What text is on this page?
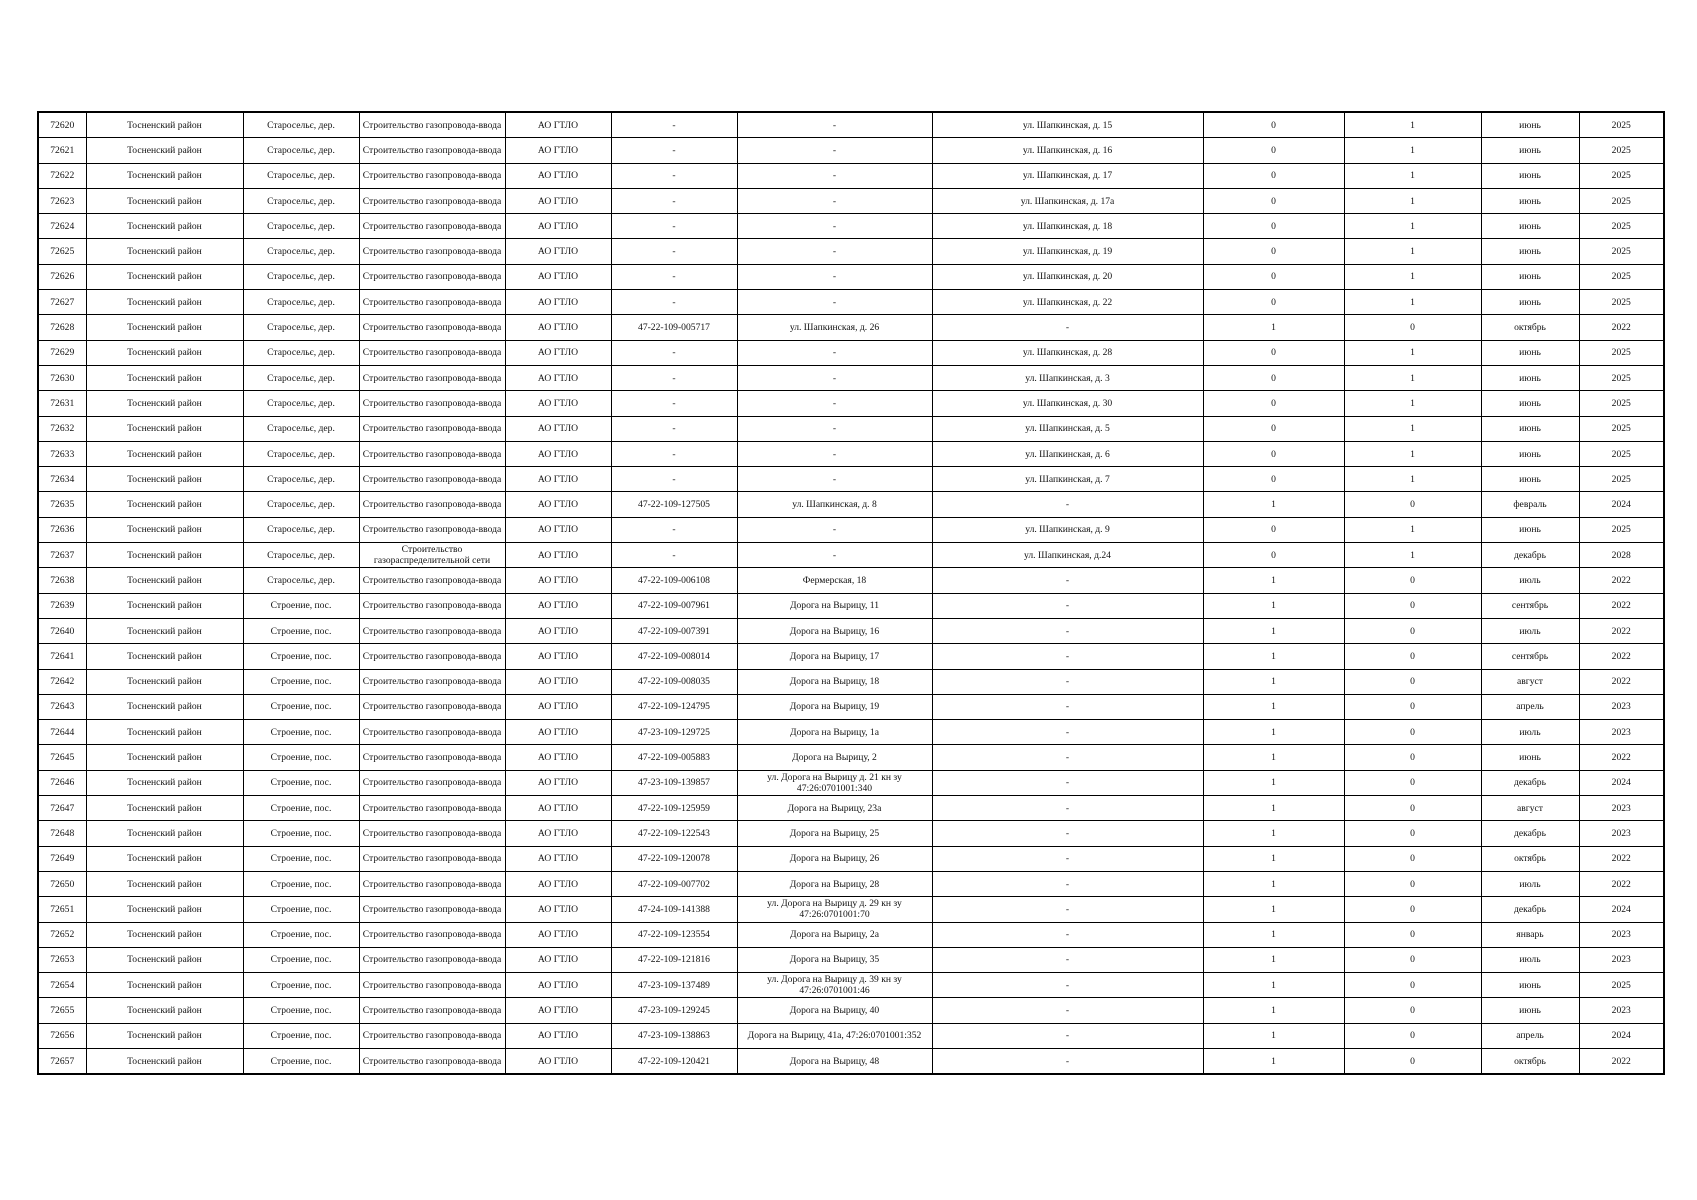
72620	Тосненский район	Старосельє, дер.	Строительство газопровода-ввода	АО ГТЛО	-	-	ул. Шапкинская, д. 15	0	1	июнь	2025
72621	Тосненский район	Старосельє, дер.	Строительство газопровода-ввода	АО ГТЛО	-	-	ул. Шапкинская, д. 16	0	1	июнь	2025
72622	Тосненский район	Старосельє, дер.	Строительство газопровода-ввода	АО ГТЛО	-	-	ул. Шапкинская, д. 17	0	1	июнь	2025
72623	Тосненский район	Старосельє, дер.	Строительство газопровода-ввода	АО ГТЛО	-	-	ул. Шапкинская, д. 17а	0	1	июнь	2025
72624	Тосненский район	Старосельє, дер.	Строительство газопровода-ввода	АО ГТЛО	-	-	ул. Шапкинская, д. 18	0	1	июнь	2025
72625	Тосненский район	Старосельє, дер.	Строительство газопровода-ввода	АО ГТЛО	-	-	ул. Шапкинская, д. 19	0	1	июнь	2025
72626	Тосненский район	Старосельє, дер.	Строительство газопровода-ввода	АО ГТЛО	-	-	ул. Шапкинская, д. 20	0	1	июнь	2025
72627	Тосненский район	Старосельє, дер.	Строительство газопровода-ввода	АО ГТЛО	-	-	ул. Шапкинская, д. 22	0	1	июнь	2025
72628	Тосненский район	Старосельє, дер.	Строительство газопровода-ввода	АО ГТЛО	47-22-109-005717	ул. Шапкинская, д. 26	-	1	0	октябрь	2022
72629	Тосненский район	Старосельє, дер.	Строительство газопровода-ввода	АО ГТЛО	-	-	ул. Шапкинская, д. 28	0	1	июнь	2025
72630	Тосненский район	Старосельє, дер.	Строительство газопровода-ввода	АО ГТЛО	-	-	ул. Шапкинская, д. 3	0	1	июнь	2025
72631	Тосненский район	Старосельє, дер.	Строительство газопровода-ввода	АО ГТЛО	-	-	ул. Шапкинская, д. 30	0	1	июнь	2025
72632	Тосненский район	Старосельє, дер.	Строительство газопровода-ввода	АО ГТЛО	-	-	ул. Шапкинская, д. 5	0	1	июнь	2025
72633	Тосненский район	Старосельє, дер.	Строительство газопровода-ввода	АО ГТЛО	-	-	ул. Шапкинская, д. 6	0	1	июнь	2025
72634	Тосненский район	Старосельє, дер.	Строительство газопровода-ввода	АО ГТЛО	-	-	ул. Шапкинская, д. 7	0	1	июнь	2025
72635	Тосненский район	Старосельє, дер.	Строительство газопровода-ввода	АО ГТЛО	47-22-109-127505	ул. Шапкинская, д. 8	-	1	0	февраль	2024
72636	Тосненский район	Старосельє, дер.	Строительство газопровода-ввода	АО ГТЛО	-	-	ул. Шапкинская, д. 9	0	1	июнь	2025
72637	Тосненский район	Старосельє, дер.	Строительство газораспределительной сети	АО ГТЛО	-	-	ул. Шапкинская, д.24	0	1	декабрь	2028
72638	Тосненский район	Старосельє, дер.	Строительство газопровода-ввода	АО ГТЛО	47-22-109-006108	Фермерская, 18	-	1	0	июль	2022
72639	Тосненский район	Строение, пос.	Строительство газопровода-ввода	АО ГТЛО	47-22-109-007961	Дорога на Вырицу, 11	-	1	0	сентябрь	2022
72640	Тосненский район	Строение, пос.	Строительство газопровода-ввода	АО ГТЛО	47-22-109-007391	Дорога на Вырицу, 16	-	1	0	июль	2022
72641	Тосненский район	Строение, пос.	Строительство газопровода-ввода	АО ГТЛО	47-22-109-008014	Дорога на Вырицу, 17	-	1	0	сентябрь	2022
72642	Тосненский район	Строение, пос.	Строительство газопровода-ввода	АО ГТЛО	47-22-109-008035	Дорога на Вырицу, 18	-	1	0	август	2022
72643	Тосненский район	Строение, пос.	Строительство газопровода-ввода	АО ГТЛО	47-22-109-124795	Дорога на Вырицу, 19	-	1	0	апрель	2023
72644	Тосненский район	Строение, пос.	Строительство газопровода-ввода	АО ГТЛО	47-23-109-129725	Дорога на Вырицу, 1а	-	1	0	июль	2023
72645	Тосненский район	Строение, пос.	Строительство газопровода-ввода	АО ГТЛО	47-22-109-005883	Дорога на Вырицу, 2	-	1	0	июнь	2022
72646	Тосненский район	Строение, пос.	Строительство газопровода-ввода	АО ГТЛО	47-23-109-139857	ул. Дорога на Вырицу д. 21 кн зу 47:26:0701001:340	-	1	0	декабрь	2024
72647	Тосненский район	Строение, пос.	Строительство газопровода-ввода	АО ГТЛО	47-22-109-125959	Дорога на Вырицу, 23а	-	1	0	август	2023
72648	Тосненский район	Строение, пос.	Строительство газопровода-ввода	АО ГТЛО	47-22-109-122543	Дорога на Вырицу, 25	-	1	0	декабрь	2023
72649	Тосненский район	Строение, пос.	Строительство газопровода-ввода	АО ГТЛО	47-22-109-120078	Дорога на Вырицу, 26	-	1	0	октябрь	2022
72650	Тосненский район	Строение, пос.	Строительство газопровода-ввода	АО ГТЛО	47-22-109-007702	Дорога на Вырицу, 28	-	1	0	июль	2022
72651	Тосненский район	Строение, пос.	Строительство газопровода-ввода	АО ГТЛО	47-24-109-141388	ул. Дорога на Вырицу д. 29 кн зу 47:26:0701001:70	-	1	0	декабрь	2024
72652	Тосненский район	Строение, пос.	Строительство газопровода-ввода	АО ГТЛО	47-22-109-123554	Дорога на Вырицу, 2а	-	1	0	январь	2023
72653	Тосненский район	Строение, пос.	Строительство газопровода-ввода	АО ГТЛО	47-22-109-121816	Дорога на Вырицу, 35	-	1	0	июль	2023
72654	Тосненский район	Строение, пос.	Строительство газопровода-ввода	АО ГТЛО	47-23-109-137489	ул. Дорога на Вырицу д. 39 кн зу 47:26:0701001:46	-	1	0	июнь	2025
72655	Тосненский район	Строение, пос.	Строительство газопровода-ввода	АО ГТЛО	47-23-109-129245	Дорога на Вырицу, 40	-	1	0	июнь	2023
72656	Тосненский район	Строение, пос.	Строительство газопровода-ввода	АО ГТЛО	47-23-109-138863	Дорога на Вырицу, 41а, 47:26:0701001:352	-	1	0	апрель	2024
72657	Тосненский район	Строение, пос.	Строительство газопровода-ввода	АО ГТЛО	47-22-109-120421	Дорога на Вырицу, 48	-	1	0	октябрь	2022
